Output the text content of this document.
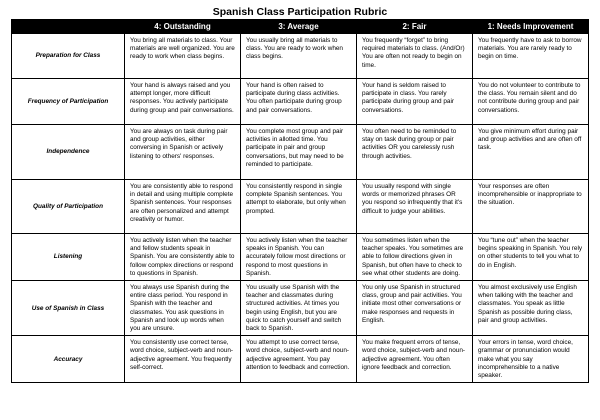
Spanish Class Participation Rubric
	4: Outstanding	3: Average	2: Fair	1: Needs Improvement
Preparation for Class	You bring all materials to class. Your materials are well organized. You are ready to work when class begins.	You usually bring all materials to class. You are ready to work when class begins.	You frequently “forget” to bring required materials to class. (And/Or) You are often not ready to begin on time.	You frequently have to ask to borrow materials. You are rarely ready to begin on time.
Frequency of Participation	Your hand is always raised and you attempt longer, more difficult responses. You actively participate during group and pair conversations.	Your hand is often raised to participate during class activities. You often participate during group and pair conversations.	Your hand is seldom raised to participate in class. You rarely participate during group and pair conversations.	You do not volunteer to contribute to the class. You remain silent and do not contribute during group and pair conversations.
Independence	You are always on task during pair and group activities, either conversing in Spanish or actively listening to others' responses.	You complete most group and pair activities in allotted time. You participate in pair and group conversations, but may need to be reminded to participate.	You often need to be reminded to stay on task during group or pair activities OR you carelessly rush through activities.	You give minimum effort during pair and group activities and are often off task.
Quality of Participation	You are consistently able to respond in detail and using multiple complete Spanish sentences. Your responses are often personalized and attempt creativity or humor.	You consistently respond in single complete Spanish sentences. You attempt to elaborate, but only when prompted.	You usually respond with single words or memorized phrases OR you respond so infrequently that it's difficult to judge your abilities.	Your responses are often incomprehensible or inappropriate to the situation.
Listening	You actively listen when the teacher and fellow students speak in Spanish. You are consistently able to follow complex directions or respond to questions in Spanish.	You actively listen when the teacher speaks in Spanish. You can accurately follow most directions or respond to most questions in Spanish.	You sometimes listen when the teacher speaks. You sometimes are able to follow directions given in Spanish, but often have to check to see what other students are doing.	You “tune out” when the teacher begins speaking in Spanish. You rely on other students to tell you what to do in English.
Use of Spanish in Class	You always use Spanish during the entire class period. You respond in Spanish with the teacher and classmates. You ask questions in Spanish and look up words when you are unsure.	You usually use Spanish with the teacher and classmates during structured activities. At times you begin using English, but you are quick to catch yourself and switch back to Spanish.	You only use Spanish in structured class, group and pair activities. You initiate most other conversations or make responses and requests in English.	You almost exclusively use English when talking with the teacher and classmates. You speak as little Spanish as possible during class, pair and group activities.
Accuracy	You consistently use correct tense, word choice, subject-verb and noun-adjective agreement. You frequently self-correct.	You attempt to use correct tense, word choice, subject-verb and noun-adjective agreement. You pay attention to feedback and correction.	You make frequent errors of tense, word choice, subject-verb and noun-adjective agreement. You often ignore feedback and correction.	Your errors in tense, word choice, grammar or pronunciation would make what you say incomprehensible to a native speaker.
